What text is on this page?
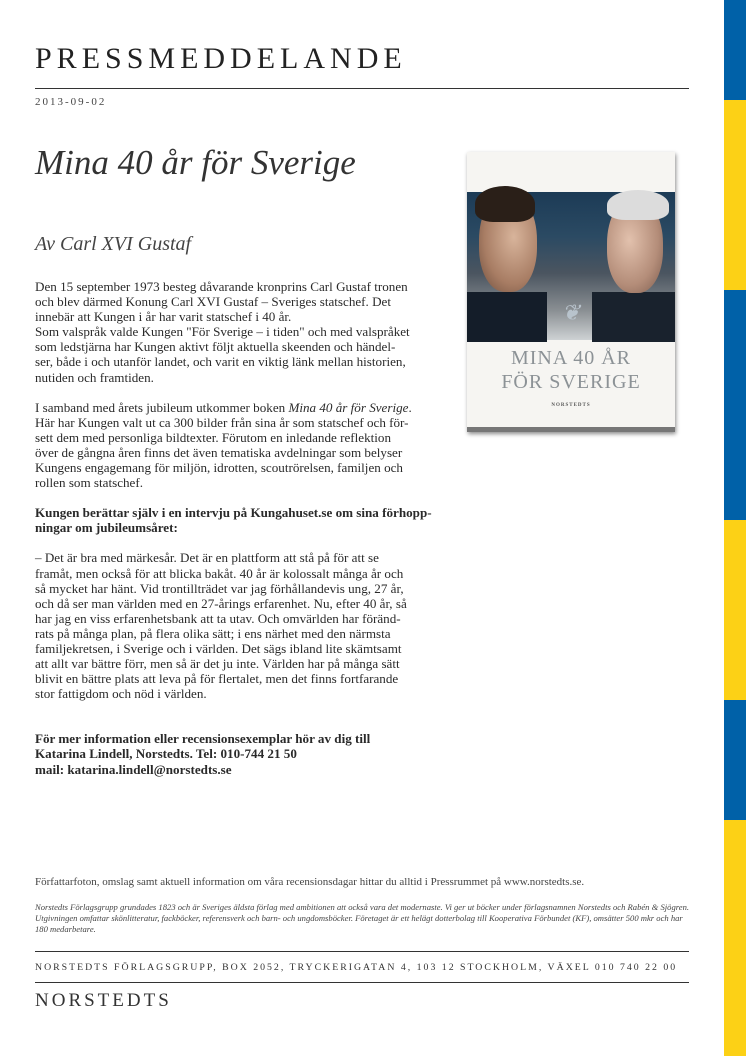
PRESSMEDDELANDE
2013-09-02
Mina 40 år för Sverige
Av Carl XVI Gustaf

Den 15 september 1973 besteg dåvarande kronprins Carl Gustaf tronen

och blev därmed Konung Carl XVI Gustaf – Sveriges statschef. Det

innebär att Kungen i år har varit statschef i 40 år.

Som valspråk valde Kungen "För Sverige – i tiden" och med valspråket

som ledstjärna har Kungen aktivt följt aktuella skeenden och händel-

ser, både i och utanför landet, och varit en viktig länk mellan historien,

nutiden och framtiden.

I samband med årets jubileum utkommer boken Mina 40 år för Sverige.

Här har Kungen valt ut ca 300 bilder från sina år som statschef och för-

sett dem med personliga bildtexter. Förutom en inledande reflektion

över de gångna åren finns det även tematiska avdelningar som belyser

Kungens engagemang för miljön, idrotten, scoutrörelsen, familjen och

rollen som statschef.

Kungen berättar själv i en intervju på Kungahuset.se om sina förhopp-

ningar om jubileumsåret:

– Det är bra med märkesår. Det är en plattform att stå på för att se

framåt, men också för att blicka bakåt. 40 år är kolossalt många år och

så mycket har hänt. Vid trontillträdet var jag förhållandevis ung, 27 år,

och då ser man världen med en 27-årings erfarenhet. Nu, efter 40 år, så

har jag en viss erfarenhetsbank att ta utav. Och omvärlden har föränd-

rats på många plan, på flera olika sätt; i ens närhet med den närmsta

familjekretsen, i Sverige och i världen. Det sägs ibland lite skämtsamt

att allt var bättre förr, men så är det ju inte. Världen har på många sätt

blivit en bättre plats att leva på för flertalet, men det finns fortfarande

stor fattigdom och nöd i världen.

För mer information eller recensionsexemplar hör av dig till

Katarina Lindell, Norstedts. Tel: 010-744 21 50

mail: katarina.lindell@norstedts.se

❦
MINA 40 ÅR
FÖR SVERIGE
NORSTEDTS
Författarfoton, omslag samt aktuell information om våra recensionsdagar hittar du alltid i Pressrummet på www.norstedts.se.
Norstedts Förlagsgrupp grundades 1823 och är Sveriges äldsta förlag med ambitionen att också vara det modernaste. Vi ger ut böcker under förlagsnamnen Norstedts och Rabén & Sjögren. Utgivningen omfattar skönlitteratur, fackböcker, referensverk och barn- och ungdomsböcker. Företaget är ett helägt dotterbolag till Kooperativa Förbundet (KF), omsätter 500 mkr och har 180 medarbetare.
NORSTEDTS FÖRLAGSGRUPP, BOX 2052, TRYCKERIGATAN 4, 103 12 STOCKHOLM, VÄXEL 010 740 22 00
NORSTEDTS
